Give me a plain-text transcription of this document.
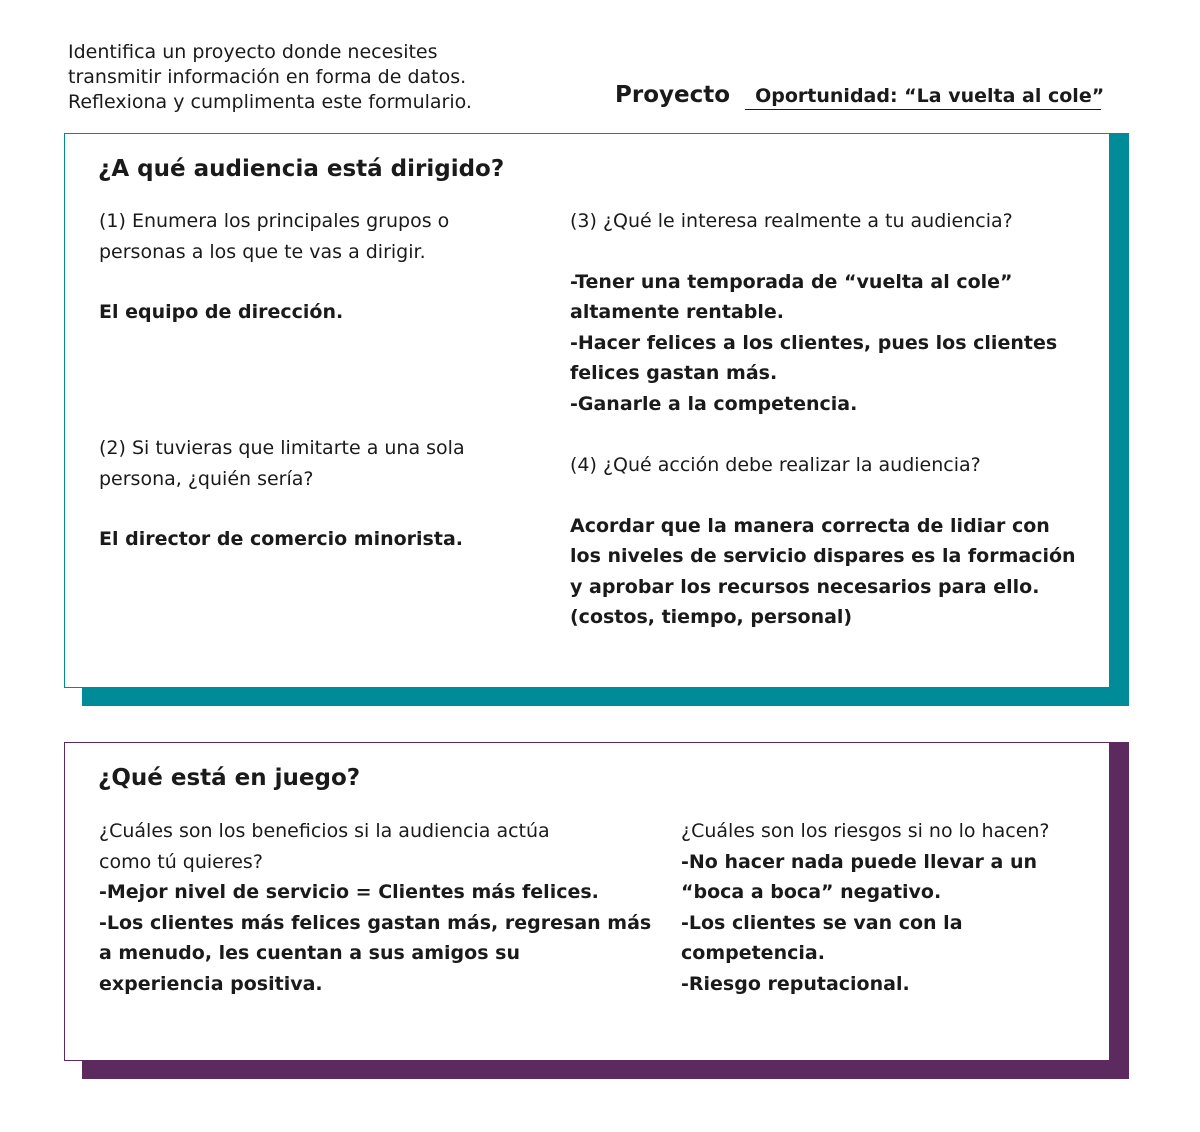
Identifica un proyecto donde necesites
transmitir información en forma de datos.
Reflexiona y cumplimenta este formulario.	Proyecto Oportunidad: “La vuelta al cole”
¿A qué audiencia está dirigido?
(1) Enumera los principales grupos o
personas a los que te vas a dirigir.
El equipo de dirección.
(2) Si tuvieras que limitarte a una sola
persona, ¿quién sería?
El director de comercio minorista.
(3) ¿Qué le interesa realmente a tu audiencia?
-Tener una temporada de “vuelta al cole”
altamente rentable.
-Hacer felices a los clientes, pues los clientes
felices gastan más.
-Ganarle a la competencia.
(4) ¿Qué acción debe realizar la audiencia?
Acordar que la manera correcta de lidiar con
los niveles de servicio dispares es la formación
y aprobar los recursos necesarios para ello.
(costos, tiempo, personal)
¿Qué está en juego?
¿Cuáles son los beneficios si la audiencia actúa
como tú quieres?
-Mejor nivel de servicio = Clientes más felices.
-Los clientes más felices gastan más, regresan más
a menudo, les cuentan a sus amigos su
experiencia positiva.
¿Cuáles son los riesgos si no lo hacen?
-No hacer nada puede llevar a un
“boca a boca” negativo.
-Los clientes se van con la
competencia.
-Riesgo reputacional.
